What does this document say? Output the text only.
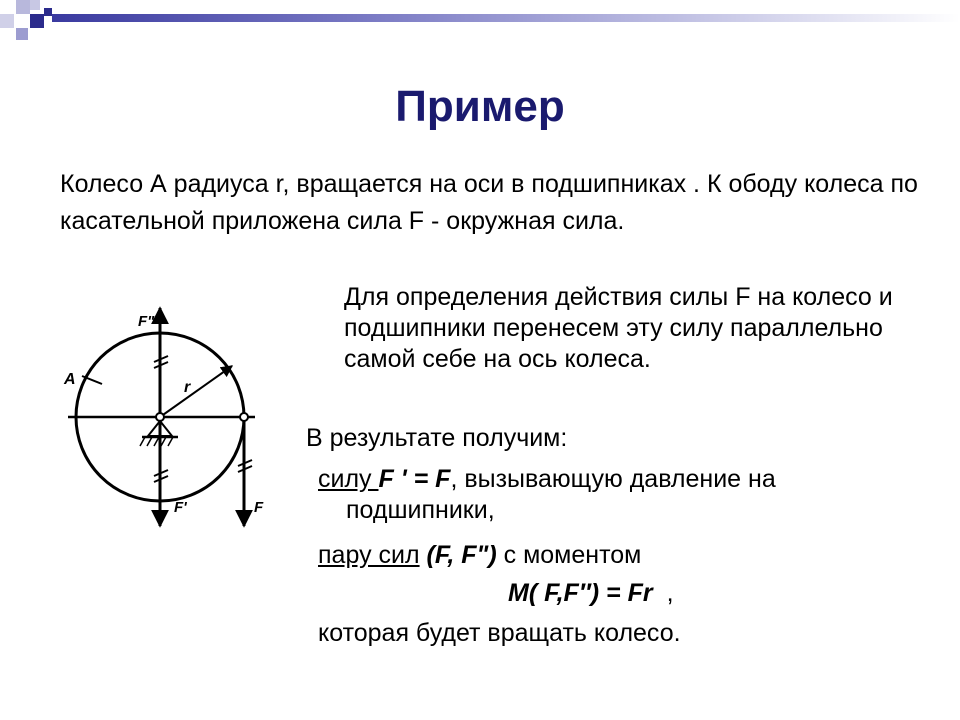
Пример

Колесо А радиуса r, вращается на оси в подшипниках . К ободу колеса по касательной приложена сила F - окружная сила.

A	r
F"
F'	F

Для определения действия силы F на колесо и подшипники перенесем эту силу параллельно самой себе на ось колеса.

В результате получим:

силу F ' = F, вызывающую давление на
подшипники,

пару сил (F, F") с моментом

M( F,F″) = Fr ,

которая будет вращать колесо.
